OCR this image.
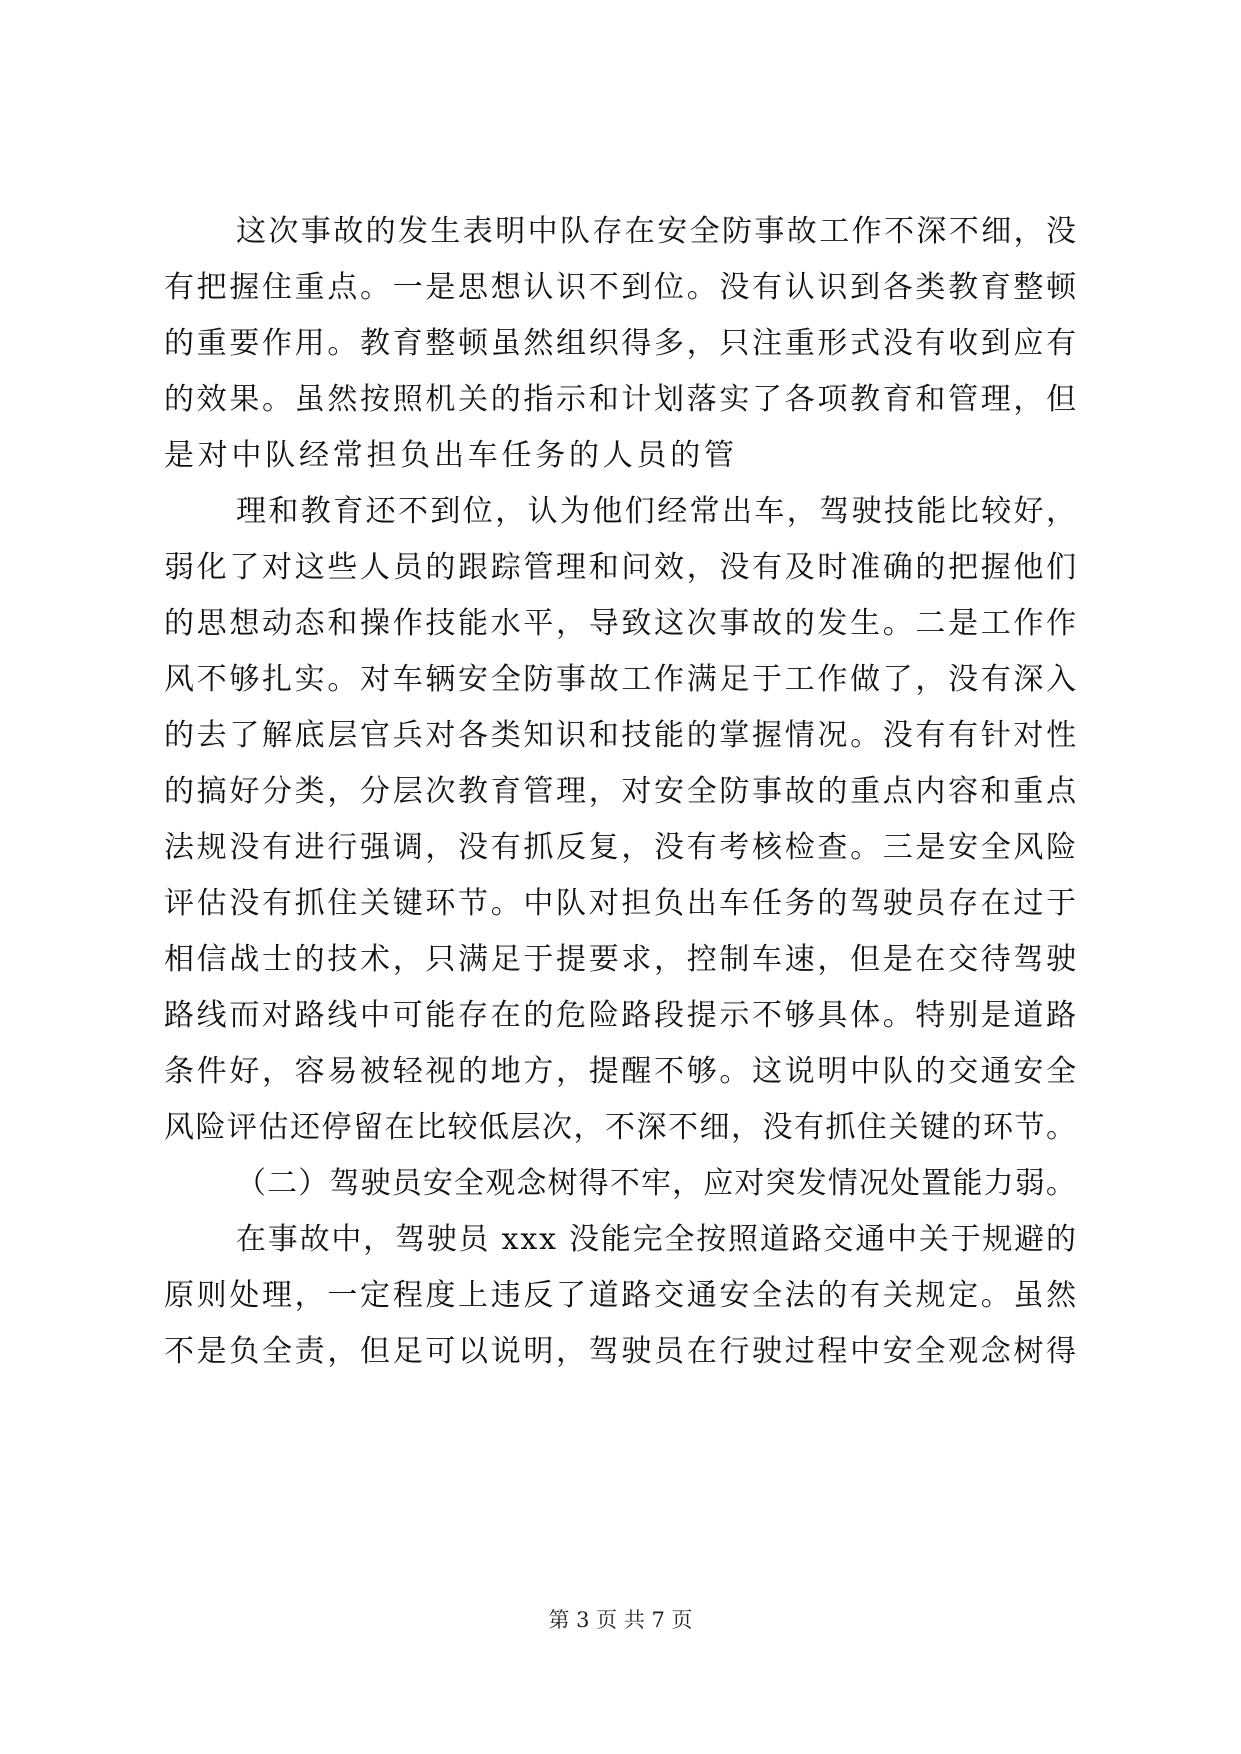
这次事故的发生表明中队存在安全防事故工作不深不细，没
有把握住重点。一是思想认识不到位。没有认识到各类教育整顿
的重要作用。教育整顿虽然组织得多，只注重形式没有收到应有
的效果。虽然按照机关的指示和计划落实了各项教育和管理，但
是对中队经常担负出车任务的人员的管
理和教育还不到位，认为他们经常出车，驾驶技能比较好，
弱化了对这些人员的跟踪管理和问效，没有及时准确的把握他们
的思想动态和操作技能水平，导致这次事故的发生。二是工作作
风不够扎实。对车辆安全防事故工作满足于工作做了，没有深入
的去了解底层官兵对各类知识和技能的掌握情况。没有有针对性
的搞好分类，分层次教育管理，对安全防事故的重点内容和重点
法规没有进行强调，没有抓反复，没有考核检查。三是安全风险
评估没有抓住关键环节。中队对担负出车任务的驾驶员存在过于
相信战士的技术，只满足于提要求，控制车速，但是在交待驾驶
路线而对路线中可能存在的危险路段提示不够具体。特别是道路
条件好，容易被轻视的地方，提醒不够。这说明中队的交通安全
风险评估还停留在比较低层次，不深不细，没有抓住关键的环节。
（二）驾驶员安全观念树得不牢，应对突发情况处置能力弱。
在事故中，驾驶员 xxx 没能完全按照道路交通中关于规避的
原则处理，一定程度上违反了道路交通安全法的有关规定。虽然
不是负全责，但足可以说明，驾驶员在行驶过程中安全观念树得
第 3 页 共 7 页
